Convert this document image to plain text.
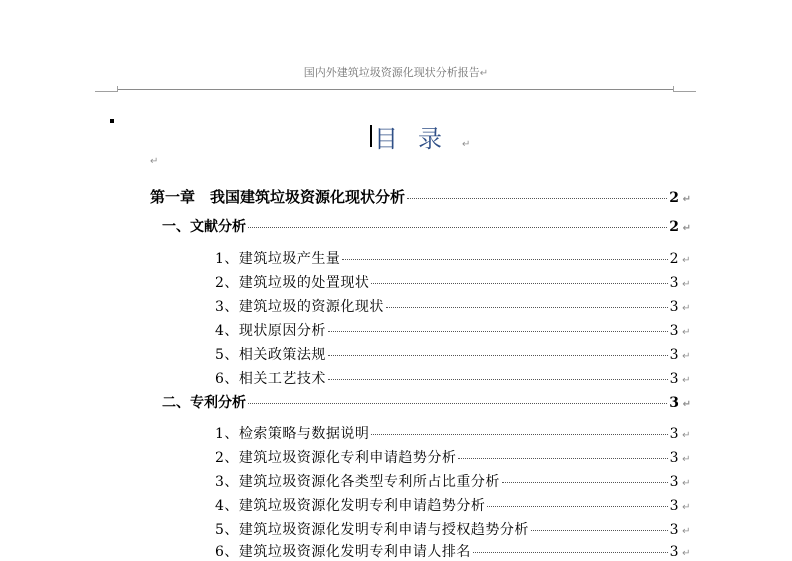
国内外建筑垃圾资源化现状分析报告↵
目录↵
↵
第一章　我国建筑垃圾资源化现状分析	2 ↵
一、文献分析	2 ↵
1、建筑垃圾产生量	2 ↵
2、建筑垃圾的处置现状	3 ↵
3、建筑垃圾的资源化现状	3 ↵
4、现状原因分析	3 ↵
5、相关政策法规	3 ↵
6、相关工艺技术	3 ↵
二、专利分析	3 ↵
1、检索策略与数据说明	3 ↵
2、建筑垃圾资源化专利申请趋势分析	3 ↵
3、建筑垃圾资源化各类型专利所占比重分析	3 ↵
4、建筑垃圾资源化发明专利申请趋势分析	3 ↵
5、建筑垃圾资源化发明专利申请与授权趋势分析	3 ↵
6、建筑垃圾资源化发明专利申请人排名	3 ↵
